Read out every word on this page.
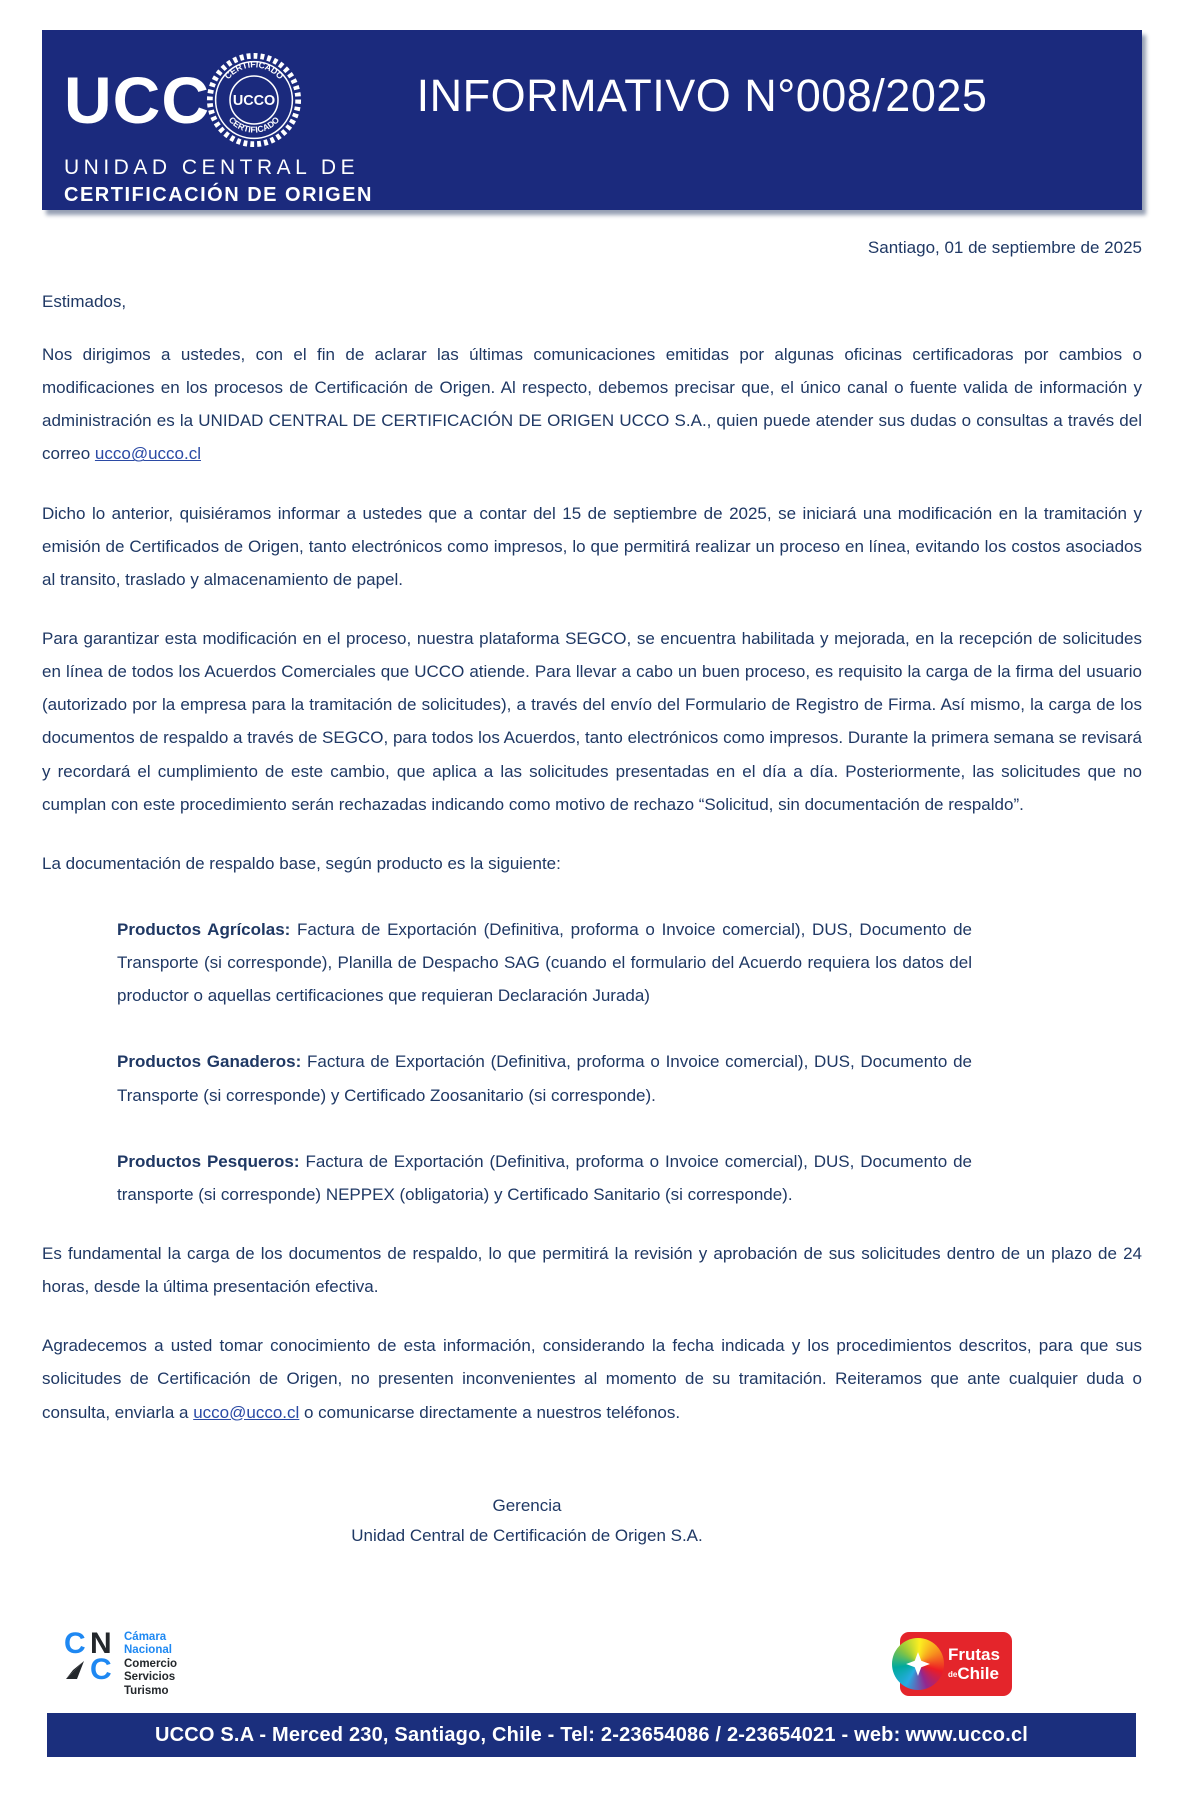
UCC CERTIFICADO
CERTIFICADO
UCCO
UNIDAD CENTRAL DE
CERTIFICACIÓN DE ORIGEN
INFORMATIVO N°008/2025
Santiago, 01 de septiembre de 2025
Estimados,

Nos dirigimos a ustedes, con el fin de aclarar las últimas comunicaciones emitidas por algunas oficinas certificadoras por cambios o modificaciones en los procesos de Certificación de Origen. Al respecto, debemos precisar que, el único canal o fuente valida de información y administración es la UNIDAD CENTRAL DE CERTIFICACIÓN DE ORIGEN UCCO S.A., quien puede atender sus dudas o consultas a través del correo ucco@ucco.cl

Dicho lo anterior, quisiéramos informar a ustedes que a contar del 15 de septiembre de 2025, se iniciará una modificación en la tramitación y emisión de Certificados de Origen, tanto electrónicos como impresos, lo que permitirá realizar un proceso en línea, evitando los costos asociados al transito, traslado y almacenamiento de papel.

Para garantizar esta modificación en el proceso, nuestra plataforma SEGCO, se encuentra habilitada y mejorada, en la recepción de solicitudes en línea de todos los Acuerdos Comerciales que UCCO atiende. Para llevar a cabo un buen proceso, es requisito la carga de la firma del usuario (autorizado por la empresa para la tramitación de solicitudes), a través del envío del Formulario de Registro de Firma. Así mismo, la carga de los documentos de respaldo a través de SEGCO, para todos los Acuerdos, tanto electrónicos como impresos. Durante la primera semana se revisará y recordará el cumplimiento de este cambio, que aplica a las solicitudes presentadas en el día a día. Posteriormente, las solicitudes que no cumplan con este procedimiento serán rechazadas indicando como motivo de rechazo “Solicitud, sin documentación de respaldo”.

La documentación de respaldo base, según producto es la siguiente:

Productos Agrícolas: Factura de Exportación (Definitiva, proforma o Invoice comercial), DUS, Documento de Transporte (si corresponde), Planilla de Despacho SAG (cuando el formulario del Acuerdo requiera los datos del productor o aquellas certificaciones que requieran Declaración Jurada)

Productos Ganaderos: Factura de Exportación (Definitiva, proforma o Invoice comercial), DUS, Documento de Transporte (si corresponde) y Certificado Zoosanitario (si corresponde).

Productos Pesqueros: Factura de Exportación (Definitiva, proforma o Invoice comercial), DUS, Documento de transporte (si corresponde) NEPPEX (obligatoria) y Certificado Sanitario (si corresponde).

Es fundamental la carga de los documentos de respaldo, lo que permitirá la revisión y aprobación de sus solicitudes dentro de un plazo de 24 horas, desde la última presentación efectiva.

Agradecemos a usted tomar conocimiento de esta información, considerando la fecha indicada y los procedimientos descritos, para que sus solicitudes de Certificación de Origen, no presenten inconvenientes al momento de su tramitación. Reiteramos que ante cualquier duda o consulta, enviarla a ucco@ucco.cl o comunicarse directamente a nuestros teléfonos.

Gerencia
Unidad Central de Certificación de Origen S.A.
C N
C
Cámara
Nacional
Comercio
Servicios
Turismo
Frutas
deChile
UCCO S.A - Merced 230, Santiago, Chile - Tel: 2-23654086 / 2-23654021 - web: www.ucco.cl
